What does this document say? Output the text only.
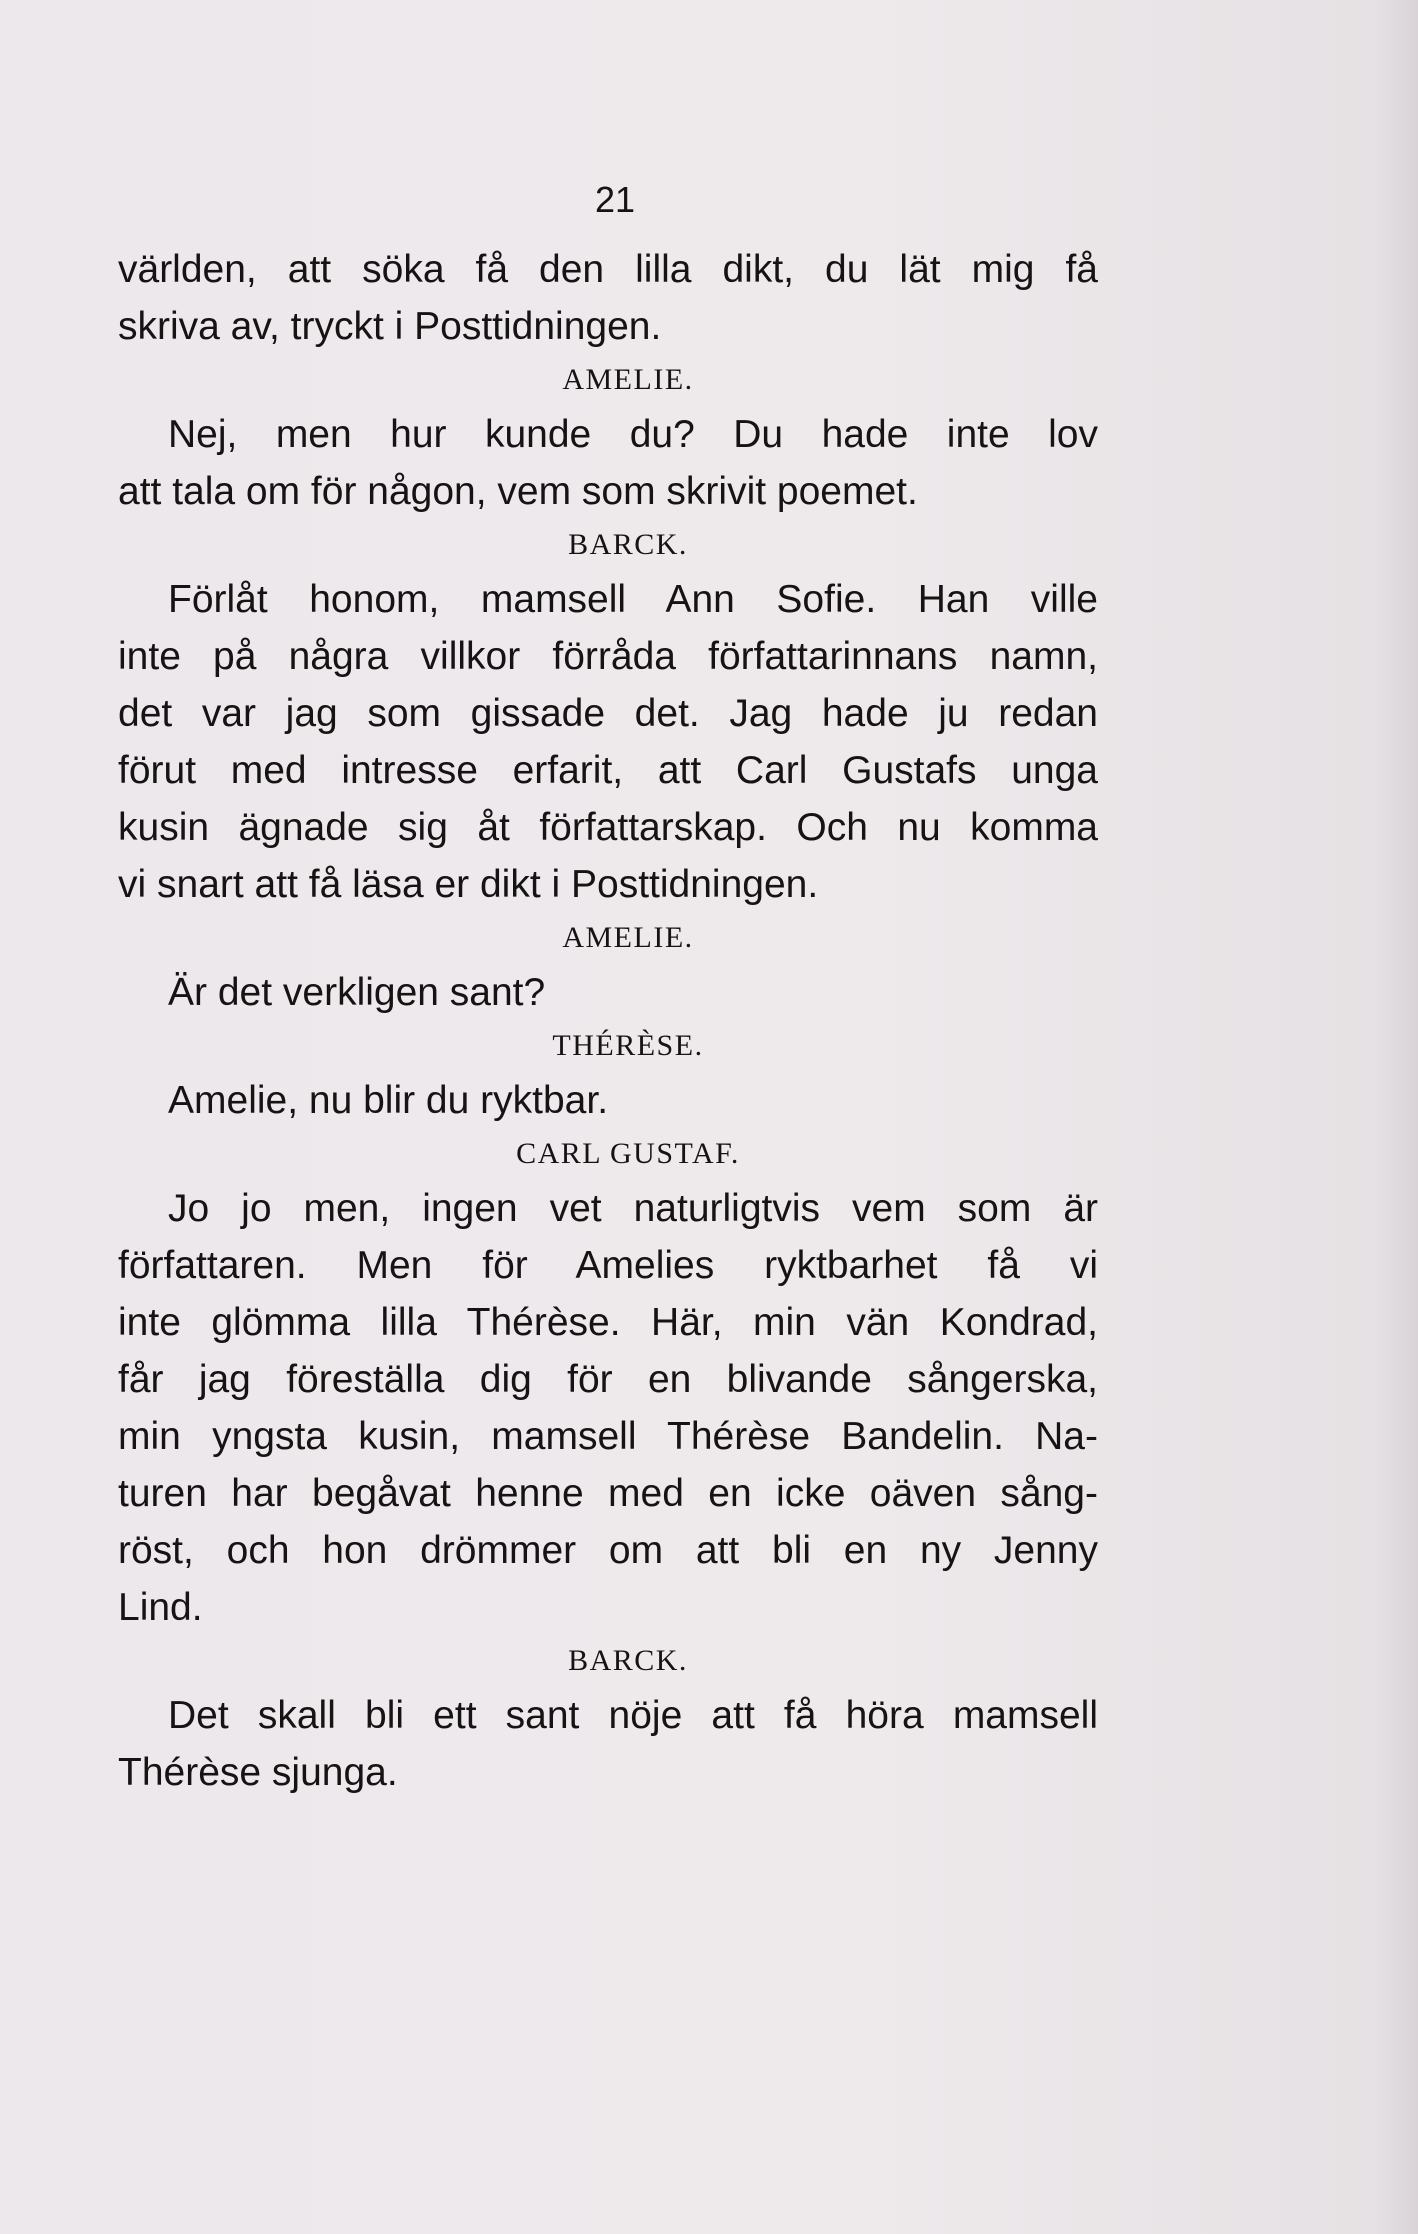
21
världen, att söka få den lilla dikt, du lät mig få
skriva av, tryckt i Posttidningen.
AMELIE.
Nej, men hur kunde du? Du hade inte lov
att tala om för någon, vem som skrivit poemet.
BARCK.
Förlåt honom, mamsell Ann Sofie. Han ville
inte på några villkor förråda författarinnans namn,
det var jag som gissade det. Jag hade ju redan
förut med intresse erfarit, att Carl Gustafs unga
kusin ägnade sig åt författarskap. Och nu komma
vi snart att få läsa er dikt i Posttidningen.
AMELIE.
Är det verkligen sant?
THÉRÈSE.
Amelie, nu blir du ryktbar.
CARL GUSTAF.
Jo jo men, ingen vet naturligtvis vem som är
författaren. Men för Amelies ryktbarhet få vi
inte glömma lilla Thérèse. Här, min vän Kondrad,
får jag föreställa dig för en blivande sångerska,
min yngsta kusin, mamsell Thérèse Bandelin. Na-
turen har begåvat henne med en icke oäven sång-
röst, och hon drömmer om att bli en ny Jenny
Lind.
BARCK.
Det skall bli ett sant nöje att få höra mamsell
Thérèse sjunga.
